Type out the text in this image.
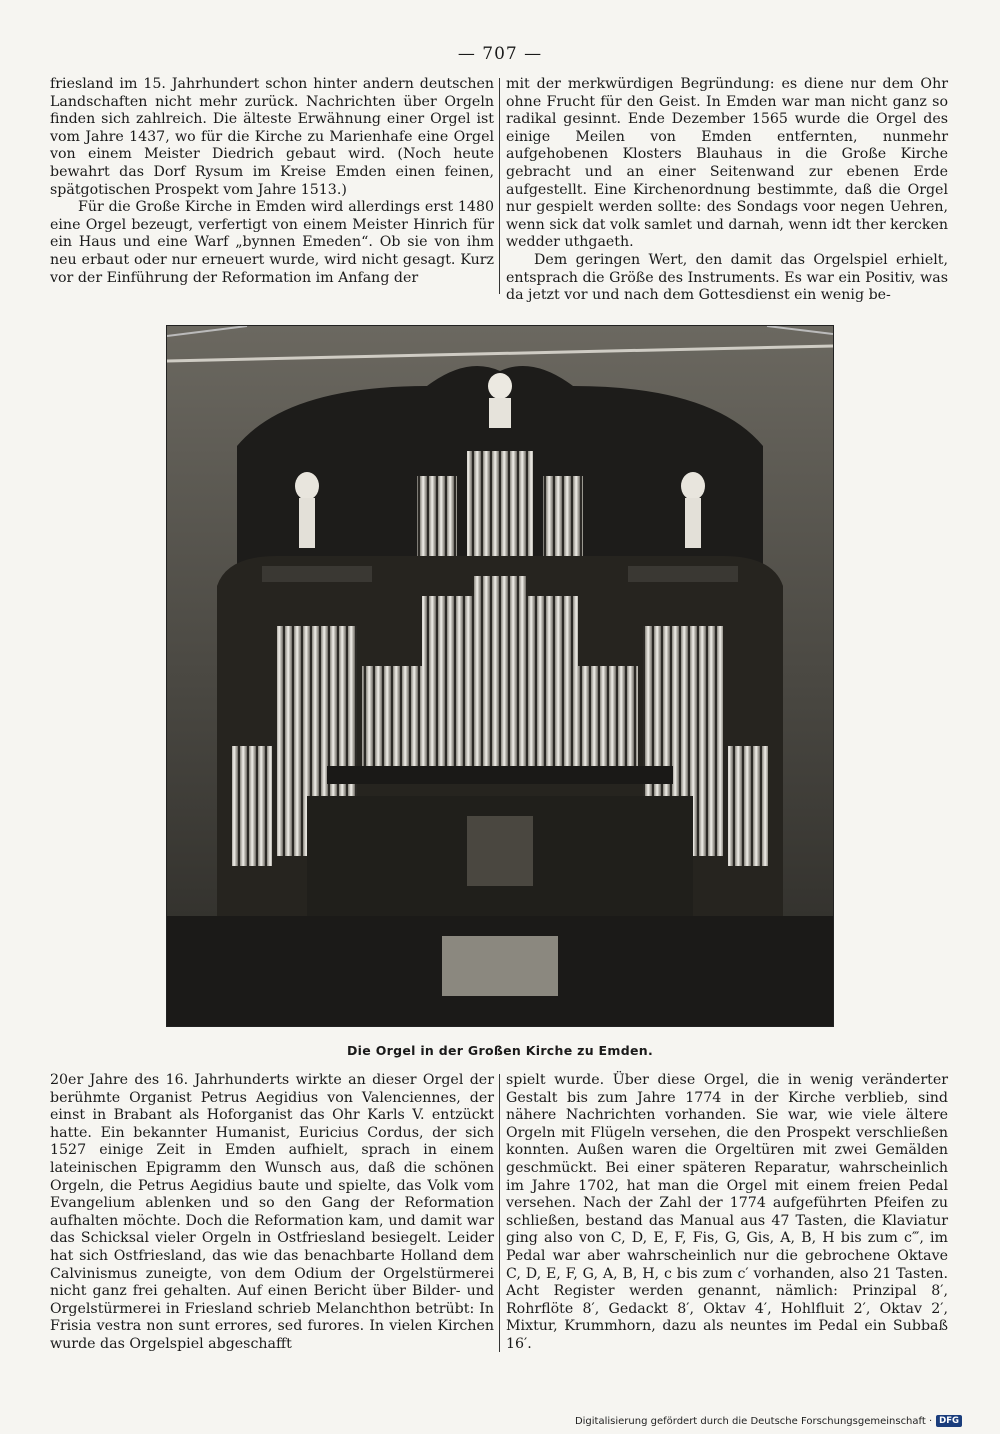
— 707 —

friesland im 15. Jahrhundert schon hinter andern deutschen Landschaften nicht mehr zurück. Nachrichten über Orgeln finden sich zahlreich. Die älteste Erwähnung einer Orgel ist vom Jahre 1437, wo für die Kirche zu Marienhafe eine Orgel von einem Meister Diedrich gebaut wird. (Noch heute bewahrt das Dorf Rysum im Kreise Emden einen feinen, spätgotischen Prospekt vom Jahre 1513.)

Für die Große Kirche in Emden wird allerdings erst 1480 eine Orgel bezeugt, verfertigt von einem Meister Hinrich für ein Haus und eine Warf „bynnen Emeden“. Ob sie von ihm neu erbaut oder nur erneuert wurde, wird nicht gesagt. Kurz vor der Einführung der Reformation im Anfang der

mit der merkwürdigen Begründung: es diene nur dem Ohr ohne Frucht für den Geist. In Emden war man nicht ganz so radikal gesinnt. Ende Dezember 1565 wurde die Orgel des einige Meilen von Emden entfernten, nunmehr aufgehobenen Klosters Blauhaus in die Große Kirche gebracht und an einer Seitenwand zur ebenen Erde aufgestellt. Eine Kirchenordnung bestimmte, daß die Orgel nur gespielt werden sollte: des Sondags voor negen Uehren, wenn sick dat volk samlet und darnah, wenn idt ther kercken wedder uthgaeth.

Dem geringen Wert, den damit das Orgelspiel erhielt, entsprach die Größe des Instruments. Es war ein Positiv, was da jetzt vor und nach dem Gottesdienst ein wenig be-

Die Orgel in der Großen Kirche zu Emden.

20er Jahre des 16. Jahrhunderts wirkte an dieser Orgel der berühmte Organist Petrus Aegidius von Valenciennes, der einst in Brabant als Hoforganist das Ohr Karls V. entzückt hatte. Ein bekannter Humanist, Euricius Cordus, der sich 1527 einige Zeit in Emden aufhielt, sprach in einem lateinischen Epigramm den Wunsch aus, daß die schönen Orgeln, die Petrus Aegidius baute und spielte, das Volk vom Evangelium ablenken und so den Gang der Reformation aufhalten möchte. Doch die Reformation kam, und damit war das Schicksal vieler Orgeln in Ostfriesland besiegelt. Leider hat sich Ostfriesland, das wie das benachbarte Holland dem Calvinismus zuneigte, von dem Odium der Orgelstürmerei nicht ganz frei gehalten. Auf einen Bericht über Bilder- und Orgelstürmerei in Friesland schrieb Melanchthon betrübt: In Frisia vestra non sunt errores, sed furores. In vielen Kirchen wurde das Orgelspiel abgeschafft

spielt wurde. Über diese Orgel, die in wenig veränderter Gestalt bis zum Jahre 1774 in der Kirche verblieb, sind nähere Nachrichten vorhanden. Sie war, wie viele ältere Orgeln mit Flügeln versehen, die den Prospekt verschließen konnten. Außen waren die Orgeltüren mit zwei Gemälden geschmückt. Bei einer späteren Reparatur, wahrscheinlich im Jahre 1702, hat man die Orgel mit einem freien Pedal versehen. Nach der Zahl der 1774 aufgeführten Pfeifen zu schließen, bestand das Manual aus 47 Tasten, die Klaviatur ging also von C, D, E, F, Fis, G, Gis, A, B, H bis zum c‴, im Pedal war aber wahrscheinlich nur die gebrochene Oktave C, D, E, F, G, A, B, H, c bis zum c′ vorhanden, also 21 Tasten. Acht Register werden genannt, nämlich: Prinzipal 8′, Rohrflöte 8′, Gedackt 8′, Oktav 4′, Hohlfluit 2′, Oktav 2′, Mixtur, Krummhorn, dazu als neuntes im Pedal ein Subbaß 16′.

Digitalisierung gefördert durch die Deutsche Forschungsgemeinschaft · DFG
